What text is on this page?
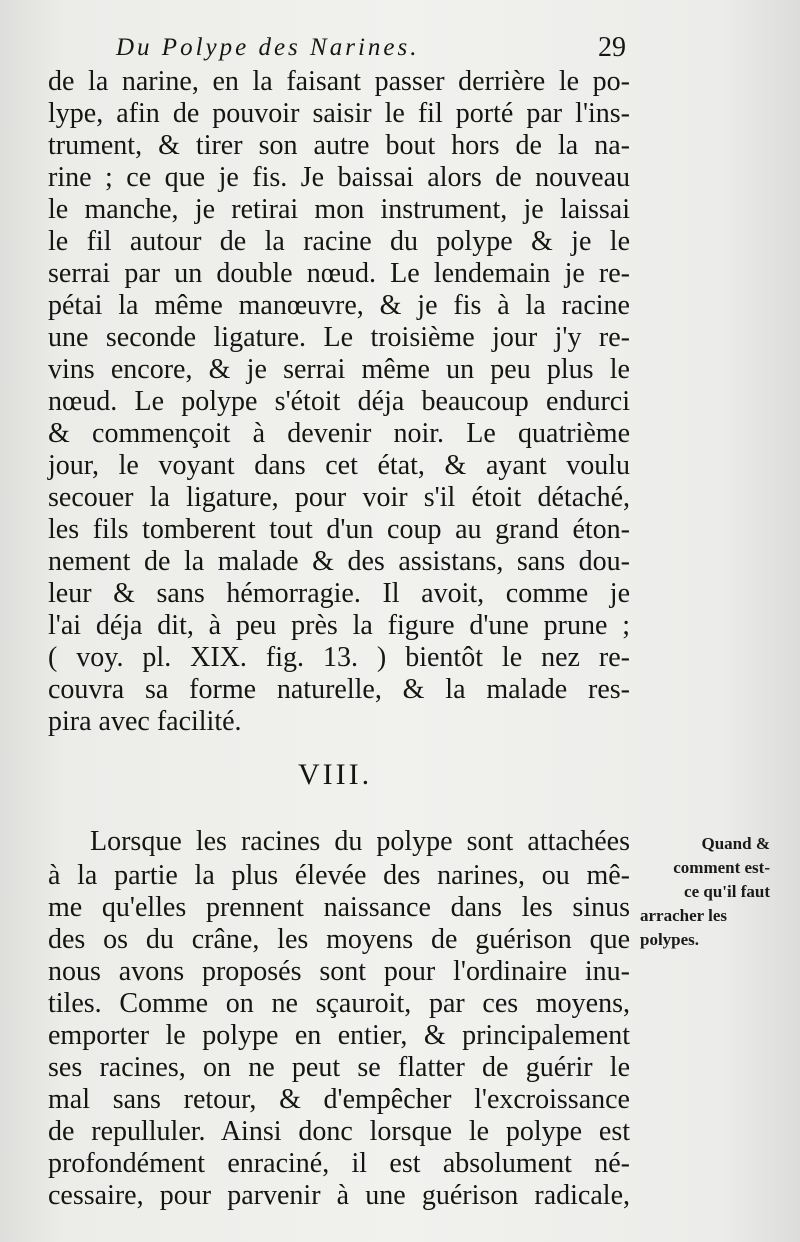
Du Polype des Narines.	29
de la narine, en la faisant passer derrière le po-
lype, afin de pouvoir saisir le fil porté par l'ins-
trument, & tirer son autre bout hors de la na-
rine ; ce que je fis. Je baissai alors de nouveau
le manche, je retirai mon instrument, je laissai
le fil autour de la racine du polype & je le
serrai par un double nœud. Le lendemain je re-
pétai la même manœuvre, & je fis à la racine
une seconde ligature. Le troisième jour j'y re-
vins encore, & je serrai même un peu plus le
nœud. Le polype s'étoit déja beaucoup endurci
& commençoit à devenir noir. Le quatrième
jour, le voyant dans cet état, & ayant voulu
secouer la ligature, pour voir s'il étoit détaché,
les fils tomberent tout d'un coup au grand éton-
nement de la malade & des assistans, sans dou-
leur & sans hémorragie. Il avoit, comme je
l'ai déja dit, à peu près la figure d'une prune ;
( voy. pl. XIX. fig. 13. ) bientôt le nez re-
couvra sa forme naturelle, & la malade res-
pira avec facilité.
VIII.
Lorsque les racines du polype sont attachées
à la partie la plus élevée des narines, ou mê-
me qu'elles prennent naissance dans les sinus
des os du crâne, les moyens de guérison que
nous avons proposés sont pour l'ordinaire inu-
tiles. Comme on ne sçauroit, par ces moyens,
emporter le polype en entier, & principalement
ses racines, on ne peut se flatter de guérir le
mal sans retour, & d'empêcher l'excroissance
de repulluler. Ainsi donc lorsque le polype est
profondément enraciné, il est absolument né-
cessaire, pour parvenir à une guérison radicale,
Quand &
comment est-
ce qu'il faut
arracher les
polypes.
